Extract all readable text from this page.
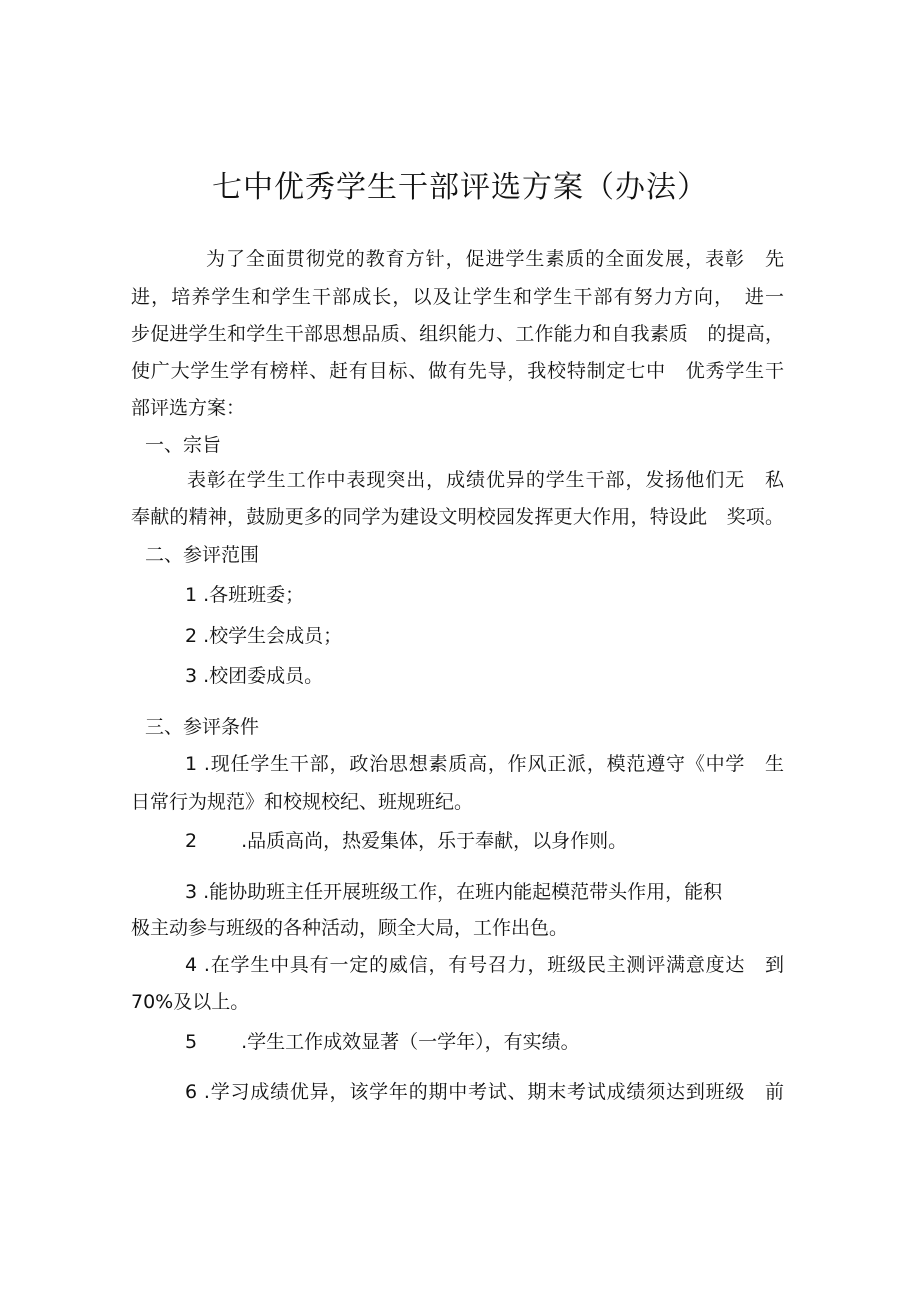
七中优秀学生干部评选方案（办法）
为了全面贯彻党的教育方针，促进学生素质的全面发展，表彰　先
进，培养学生和学生干部成长，以及让学生和学生干部有努力方向，　进一
步促进学生和学生干部思想品质、组织能力、工作能力和自我素质　的提高，
使广大学生学有榜样、赶有目标、做有先导，我校特制定七中　优秀学生干
部评选方案：
一、宗旨
表彰在学生工作中表现突出，成绩优异的学生干部，发扬他们无　私
奉献的精神，鼓励更多的同学为建设文明校园发挥更大作用，特设此　奖项。
二、参评范围
1 .各班班委；
2 .校学生会成员；
3 .校团委成员。
三、参评条件
1 .现任学生干部，政治思想素质高，作风正派，模范遵守《中学　生
日常行为规范》和校规校纪、班规班纪。
2　　 .品质高尚，热爱集体，乐于奉献，以身作则。
3 .能协助班主任开展班级工作，在班内能起模范带头作用，能积
极主动参与班级的各种活动，顾全大局，工作出色。
4 .在学生中具有一定的威信，有号召力，班级民主测评满意度达　到
70%及以上。
5　　 .学生工作成效显著（一学年），有实绩。
6 .学习成绩优异，该学年的期中考试、期末考试成绩须达到班级　前
